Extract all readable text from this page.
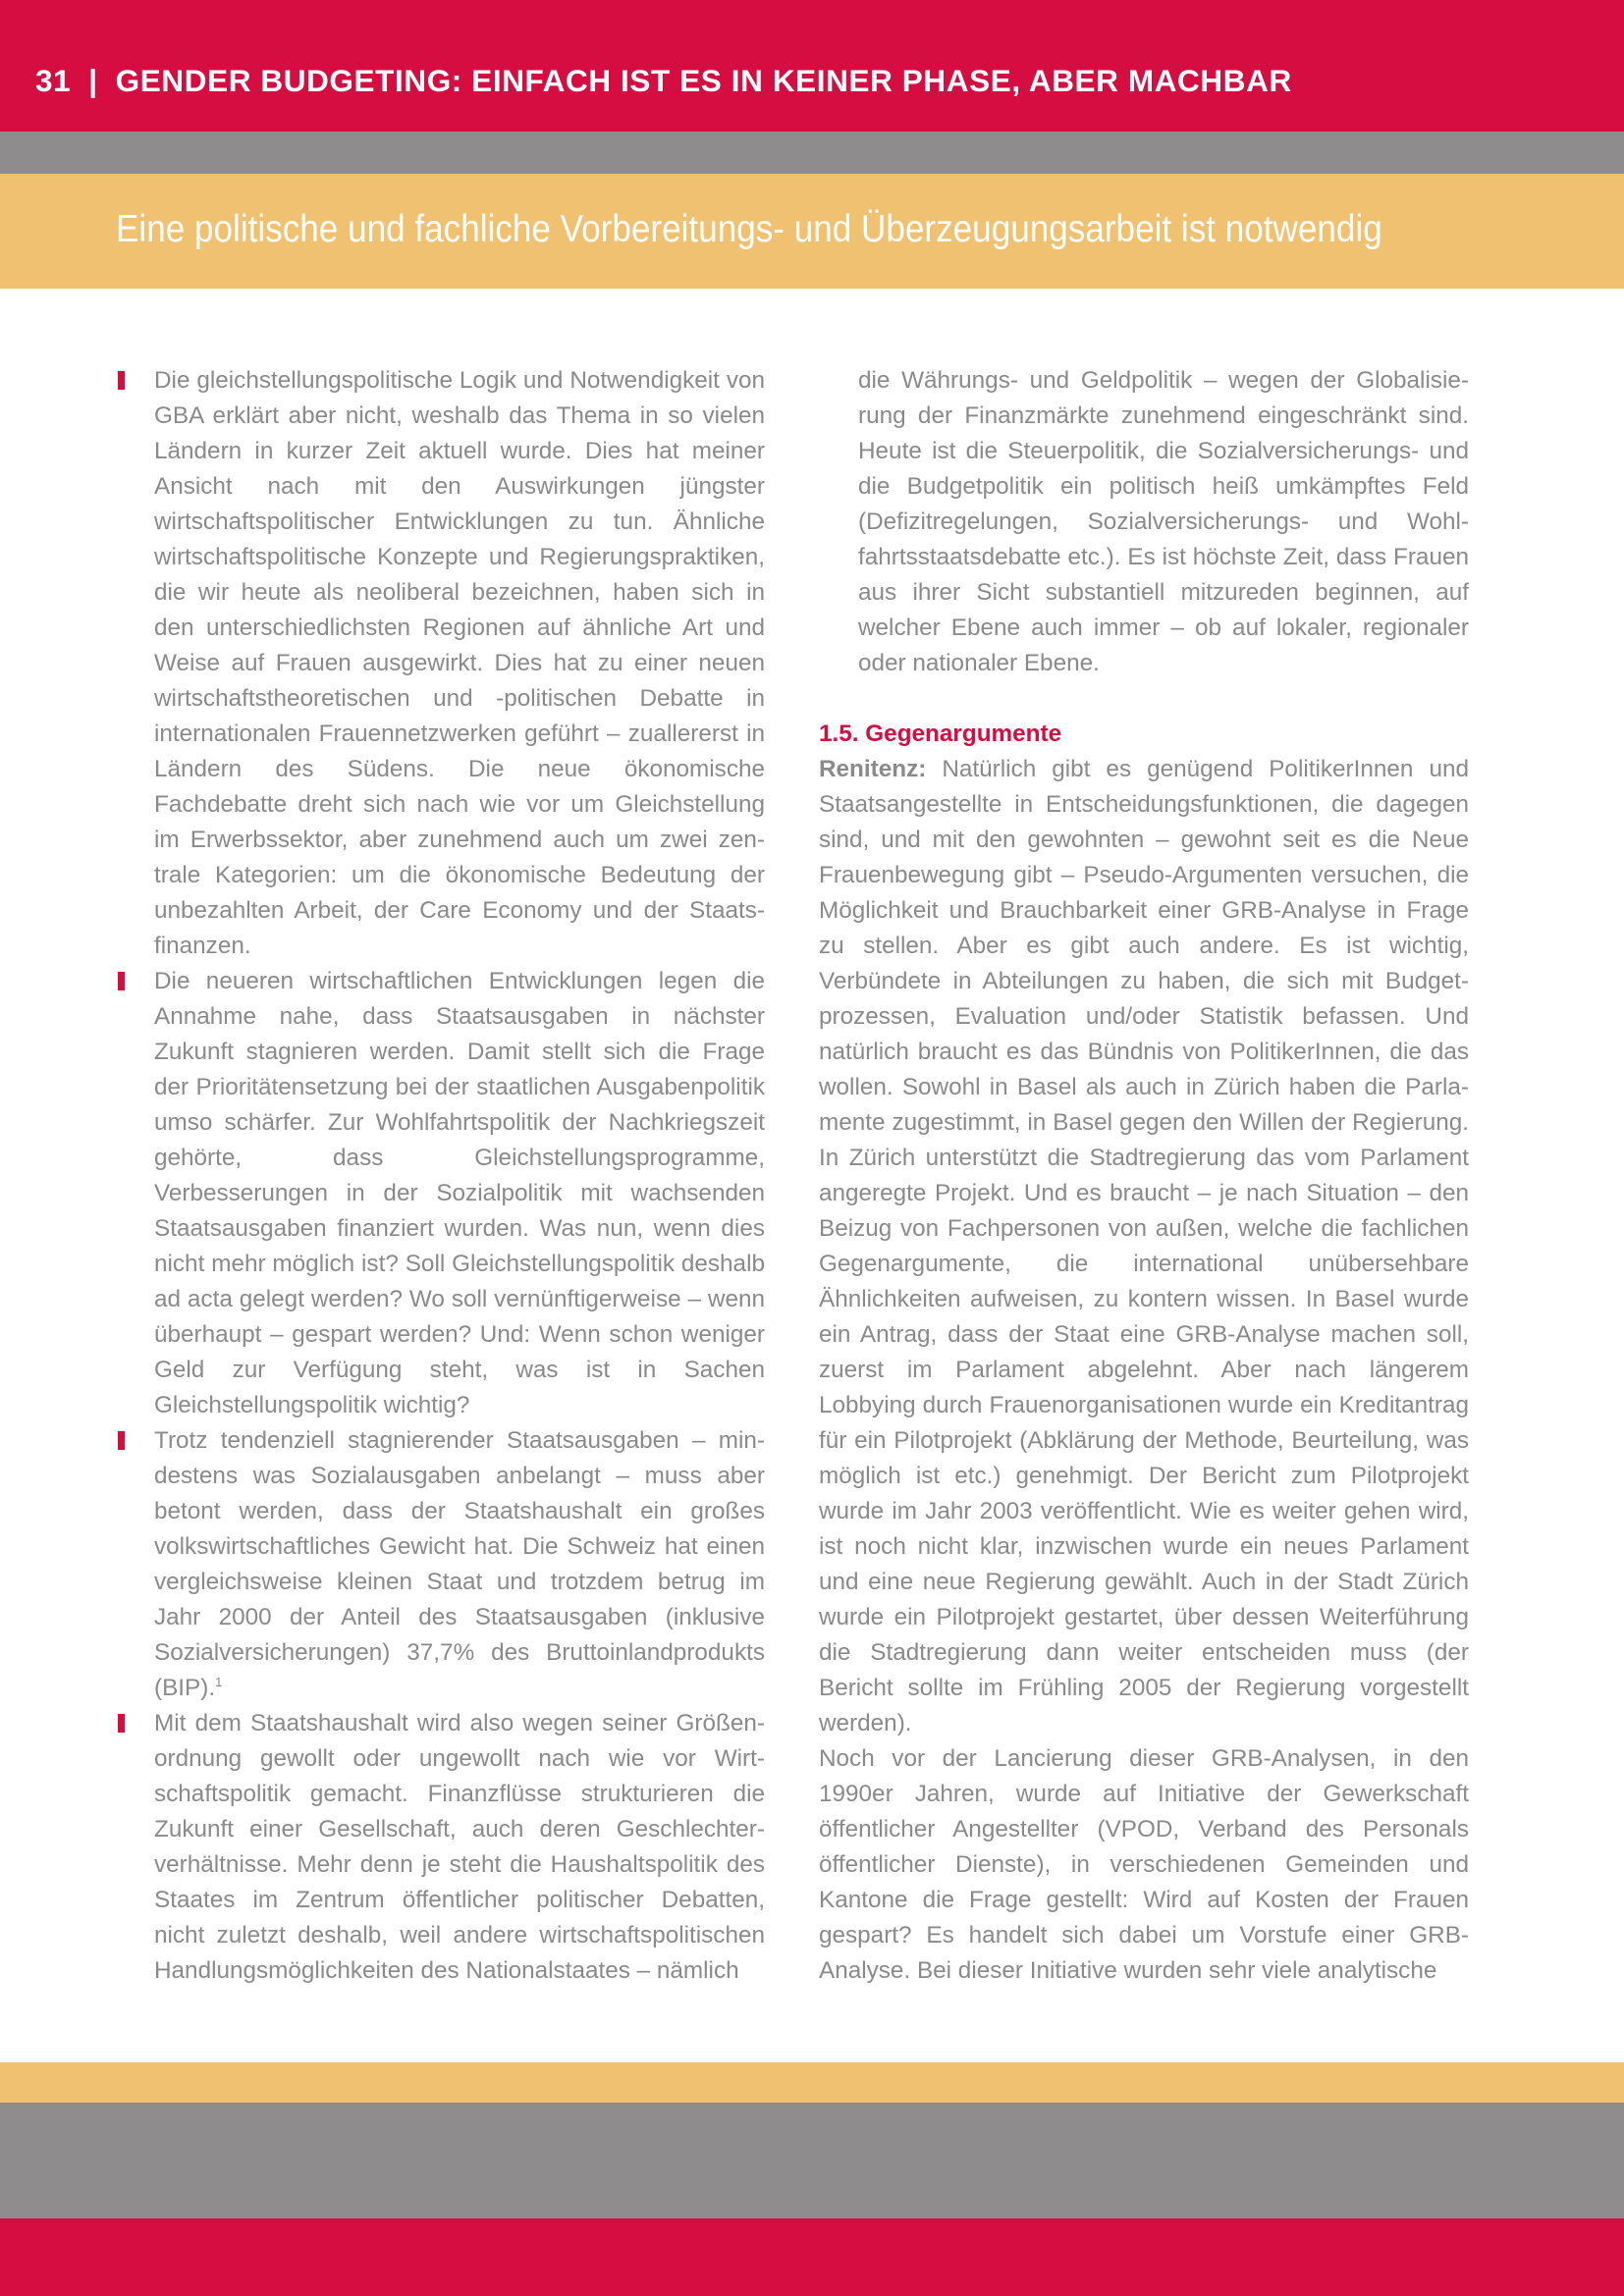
31 | GENDER BUDGETING: EINFACH IST ES IN KEINER PHASE, ABER MACHBAR
Eine politische und fachliche Vorbereitungs- und Überzeugungsarbeit ist notwendig

Die gleichstellungspolitische Logik und Notwendigkeit von GBA erklärt aber nicht, weshalb das Thema in so vielen Ländern in kurzer Zeit aktuell wurde. Dies hat meiner Ansicht nach mit den Auswirkungen jüngster wirtschaftspolitischer Entwicklungen zu tun. Ähnliche wirtschaftspolitische Konzepte und Regierungspraktiken, die wir heute als neoliberal bezeichnen, haben sich in den unterschiedlichsten Regionen auf ähnliche Art und Weise auf Frauen ausgewirkt. Dies hat zu einer neuen wirtschaftstheoretischen und -politischen Debatte in internationalen Frauennetzwerken geführt – zuallererst in Ländern des Südens. Die neue ökonomische Fachdebatte dreht sich nach wie vor um Gleichstellung im Erwerbssektor, aber zunehmend auch um zwei zentrale Kategorien: um die ökonomische Bedeutung der unbezahlten Arbeit, der Care Economy und der Staatsfinanzen.

Die neueren wirtschaftlichen Entwicklungen legen die Annahme nahe, dass Staatsausgaben in nächster Zukunft stagnieren werden. Damit stellt sich die Frage der Prioritätensetzung bei der staatlichen Ausgabenpolitik umso schärfer. Zur Wohlfahrtspolitik der Nachkriegszeit gehörte, dass Gleichstellungsprogramme, Verbesserungen in der Sozialpolitik mit wachsenden Staatsausgaben finanziert wurden. Was nun, wenn dies nicht mehr möglich ist? Soll Gleichstellungspolitik deshalb ad acta gelegt werden? Wo soll vernünftigerweise – wenn überhaupt – gespart werden? Und: Wenn schon weniger Geld zur Verfügung steht, was ist in Sachen Gleichstellungspolitik wichtig?

Trotz tendenziell stagnierender Staatsausgaben – mindestens was Sozialausgaben anbelangt – muss aber betont werden, dass der Staatshaushalt ein großes volkswirtschaftliches Gewicht hat. Die Schweiz hat einen vergleichsweise kleinen Staat und trotzdem betrug im Jahr 2000 der Anteil des Staatsausgaben (inklusive Sozialversicherungen) 37,7% des Bruttoinlandprodukts (BIP).$^1$

Mit dem Staatshaushalt wird also wegen seiner Größenordnung gewollt oder ungewollt nach wie vor Wirtschaftspolitik gemacht. Finanzflüsse strukturieren die Zukunft einer Gesellschaft, auch deren Geschlechterverhältnisse. Mehr denn je steht die Haushaltspolitik des Staates im Zentrum öffentlicher politischer Debatten, nicht zuletzt deshalb, weil andere wirtschaftspolitischen Handlungsmöglichkeiten des Nationalstaates – nämlich

die Währungs- und Geldpolitik – wegen der Globalisierung der Finanzmärkte zunehmend eingeschränkt sind. Heute ist die Steuerpolitik, die Sozialversicherungs- und die Budgetpolitik ein politisch heiß umkämpftes Feld (Defizitregelungen, Sozialversicherungs- und Wohlfahrtsstaatsdebatte etc.). Es ist höchste Zeit, dass Frauen aus ihrer Sicht substantiell mitzureden beginnen, auf welcher Ebene auch immer – ob auf lokaler, regionaler oder nationaler Ebene.

1.5. Gegenargumente

Renitenz: Natürlich gibt es genügend PolitikerInnen und Staatsangestellte in Entscheidungsfunktionen, die dagegen sind, und mit den gewohnten – gewohnt seit es die Neue Frauenbewegung gibt – Pseudo-Argumenten versuchen, die Möglichkeit und Brauchbarkeit einer GRB-Analyse in Frage zu stellen. Aber es gibt auch andere. Es ist wichtig, Verbündete in Abteilungen zu haben, die sich mit Budgetprozessen, Evaluation und/oder Statistik befassen. Und natürlich braucht es das Bündnis von PolitikerInnen, die das wollen. Sowohl in Basel als auch in Zürich haben die Parlamente zugestimmt, in Basel gegen den Willen der Regierung. In Zürich unterstützt die Stadtregierung das vom Parlament angeregte Projekt. Und es braucht – je nach Situation – den Beizug von Fachpersonen von außen, welche die fachlichen Gegenargumente, die international unübersehbare Ähnlichkeiten aufweisen, zu kontern wissen. In Basel wurde ein Antrag, dass der Staat eine GRB-Analyse machen soll, zuerst im Parlament abgelehnt. Aber nach längerem Lobbying durch Frauenorganisationen wurde ein Kreditantrag für ein Pilotprojekt (Abklärung der Methode, Beurteilung, was möglich ist etc.) genehmigt. Der Bericht zum Pilotprojekt wurde im Jahr 2003 veröffentlicht. Wie es weiter gehen wird, ist noch nicht klar, inzwischen wurde ein neues Parlament und eine neue Regierung gewählt. Auch in der Stadt Zürich wurde ein Pilotprojekt gestartet, über dessen Weiterführung die Stadtregierung dann weiter entscheiden muss (der Bericht sollte im Frühling 2005 der Regierung vorgestellt werden).

Noch vor der Lancierung dieser GRB-Analysen, in den 1990er Jahren, wurde auf Initiative der Gewerkschaft öffentlicher Angestellter (VPOD, Verband des Personals öffentlicher Dienste), in verschiedenen Gemeinden und Kantone die Frage gestellt: Wird auf Kosten der Frauen gespart? Es handelt sich dabei um Vorstufe einer GRB-Analyse. Bei dieser Initiative wurden sehr viele analytische
